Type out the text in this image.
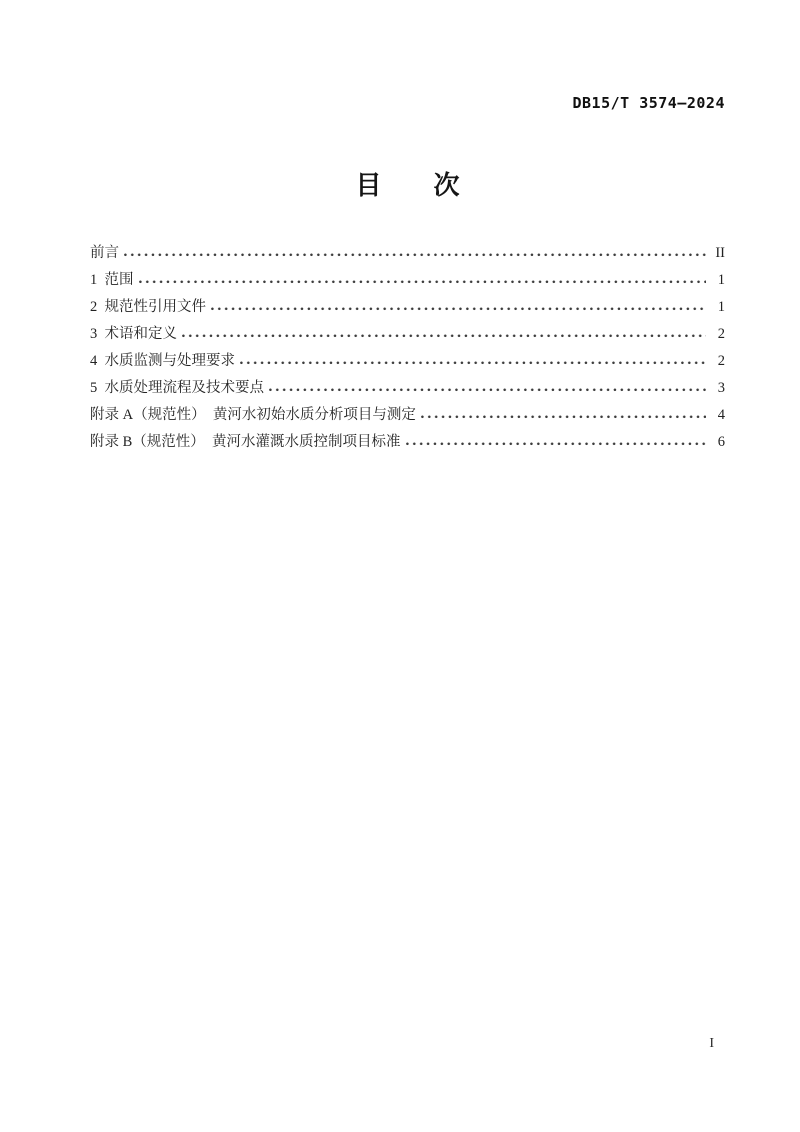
DB15/T 3574—2024
目　　次
前言	II
1  范围	1
2  规范性引用文件	1
3  术语和定义	2
4  水质监测与处理要求	2
5  水质处理流程及技术要点	3
附录 A（规范性）  黄河水初始水质分析项目与测定	4
附录 B（规范性）  黄河水灌溉水质控制项目标准	6
I
